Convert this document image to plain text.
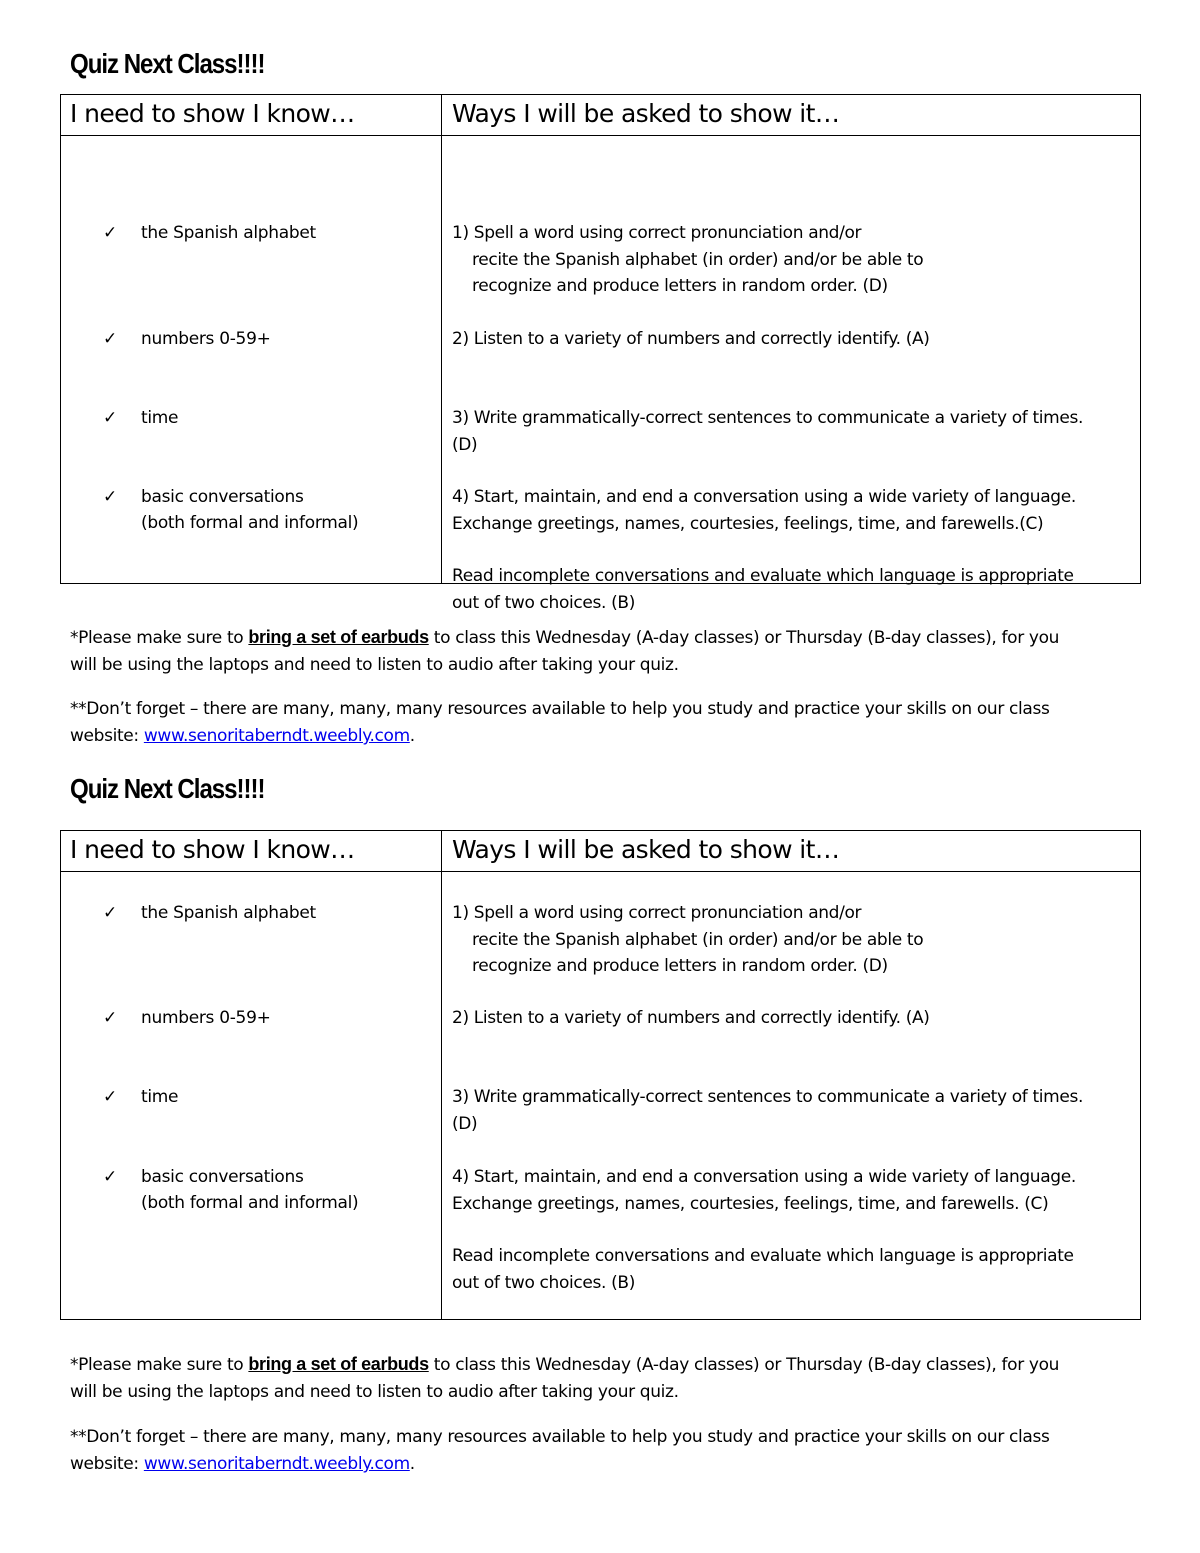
Quiz Next Class!!!!
I need to show I know…	Ways I will be asked to show it…
✓ the Spanish alphabet
✓ numbers 0-59+
✓ time
✓ basic conversations
(both formal and informal)
1) Spell a word using correct pronunciation and/or
recite the Spanish alphabet (in order) and/or be able to
recognize and produce letters in random order. (D)
2) Listen to a variety of numbers and correctly identify. (A)
3) Write grammatically-correct sentences to communicate a variety of times.
(D)
4) Start, maintain, and end a conversation using a wide variety of language.
Exchange greetings, names, courtesies, feelings, time, and farewells.(C)
Read incomplete conversations and evaluate which language is appropriate
out of two choices. (B)
*Please make sure to bring a set of earbuds to class this Wednesday (A-day classes) or Thursday (B-day classes), for you
will be using the laptops and need to listen to audio after taking your quiz.
**Don’t forget – there are many, many, many resources available to help you study and practice your skills on our class
website: www.senoritaberndt.weebly.com.
Quiz Next Class!!!!
I need to show I know…	Ways I will be asked to show it…
✓ the Spanish alphabet
✓ numbers 0-59+
✓ time
✓ basic conversations
(both formal and informal)
1) Spell a word using correct pronunciation and/or
recite the Spanish alphabet (in order) and/or be able to
recognize and produce letters in random order. (D)
2) Listen to a variety of numbers and correctly identify. (A)
3) Write grammatically-correct sentences to communicate a variety of times.
(D)
4) Start, maintain, and end a conversation using a wide variety of language.
Exchange greetings, names, courtesies, feelings, time, and farewells. (C)
Read incomplete conversations and evaluate which language is appropriate
out of two choices. (B)
*Please make sure to bring a set of earbuds to class this Wednesday (A-day classes) or Thursday (B-day classes), for you
will be using the laptops and need to listen to audio after taking your quiz.
**Don’t forget – there are many, many, many resources available to help you study and practice your skills on our class
website: www.senoritaberndt.weebly.com.
